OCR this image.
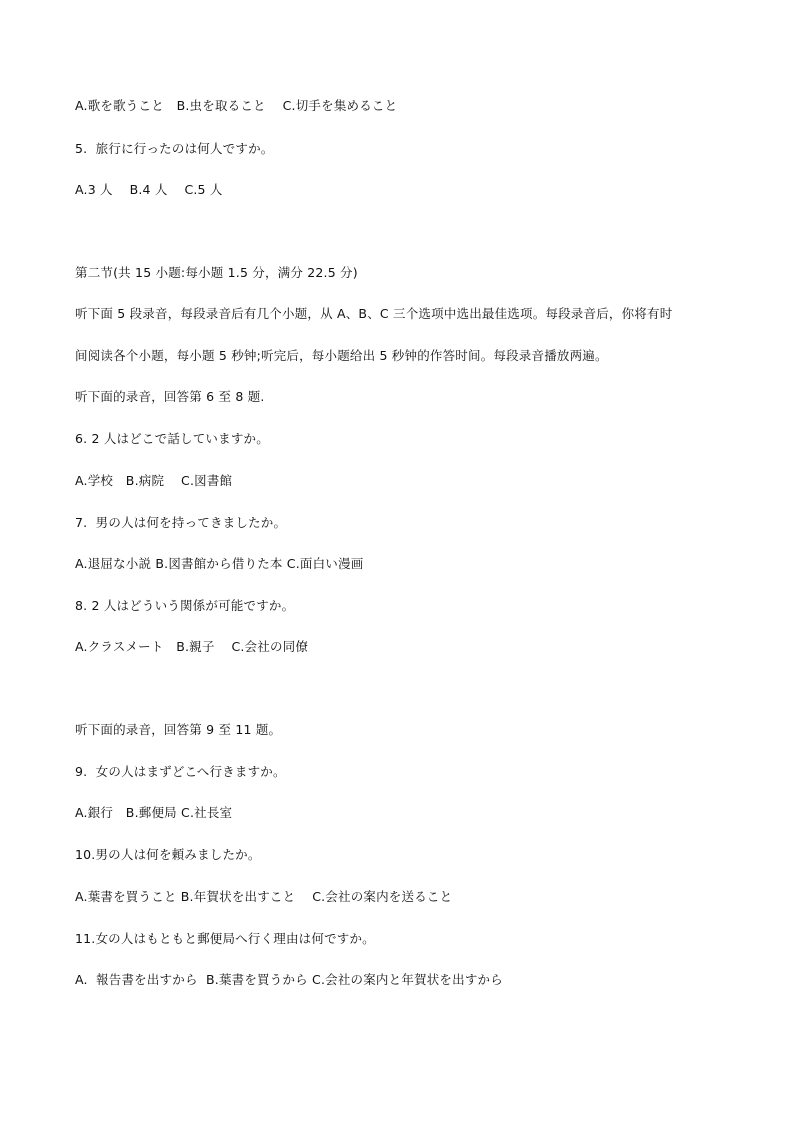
A.歌を歌うこと　B.虫を取ること　 C.切手を集めること
5.  旅行に行ったのは何人ですか。
A.3 人　 B.4 人　 C.5 人
第二节(共 15 小题:每小题 1.5 分，满分 22.5 分)
听下面 5 段录音，每段录音后有几个小题，从 A、B、C 三个选项中选出最佳选项。每段录音后，你将有时
间阅读各个小题，每小题 5 秒钟;听完后，每小题给出 5 秒钟的作答时间。每段录音播放两遍。
听下面的录音，回答第 6 至 8 题.
6. 2 人はどこで話していますか。
A.学校　B.病院　 C.図書館
7.  男の人は何を持ってきましたか。
A.退屈な小説 B.図書館から借りた本 C.面白い漫画
8. 2 人はどういう関係が可能ですか。
A.クラスメート　B.親子　 C.会社の同僚
听下面的录音，回答第 9 至 11 题。
9.  女の人はまずどこへ行きますか。
A.銀行　B.郵便局 C.社長室
10.男の人は何を頼みましたか。
A.葉書を買うこと B.年賀状を出すこと　 C.会社の案内を送ること
11.女の人はもともと郵便局へ行く理由は何ですか。
A.  報告書を出すから  B.葉書を買うから C.会社の案内と年賀状を出すから
